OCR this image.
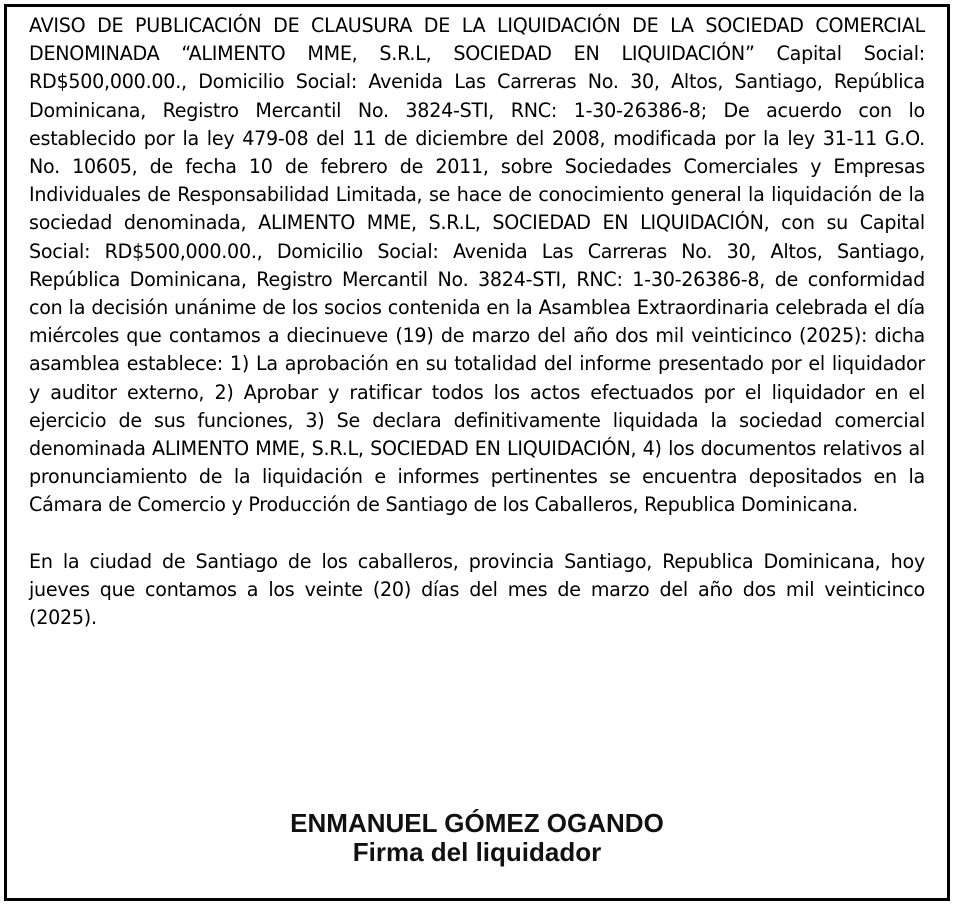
AVISO DE PUBLICACIÓN DE CLAUSURA DE LA LIQUIDACIÓN DE LA SOCIEDAD COMERCIAL DENOMINADA “ALIMENTO MME, S.R.L, SOCIEDAD EN LIQUIDACIÓN” Capital Social: RD$500,000.00., Domicilio Social: Avenida Las Carreras No. 30, Altos, Santiago, República Dominicana, Registro Mercantil No. 3824-STI, RNC: 1-30-26386-8; De acuerdo con lo establecido por la ley 479-08 del 11 de diciembre del 2008, modificada por la ley 31-11 G.O. No. 10605, de fecha 10 de febrero de 2011, sobre Sociedades Comerciales y Empresas Individuales de Responsabilidad Limitada, se hace de conocimiento general la liquidación de la sociedad denominada, ALIMENTO MME, S.R.L, SOCIEDAD EN LIQUIDACIÓN, con su Capital Social: RD$500,000.00., Domicilio Social: Avenida Las Carreras No. 30, Altos, Santiago, República Dominicana, Registro Mercantil No. 3824-STI, RNC: 1-30-26386-8, de conformidad con la decisión unánime de los socios contenida en la Asamblea Extraordinaria celebrada el día miércoles que contamos a diecinueve (19) de marzo del año dos mil veinticinco (2025): dicha asamblea establece: 1) La aprobación en su totalidad del informe presentado por el liquidador y auditor externo, 2) Aprobar y ratificar todos los actos efectuados por el liquidador en el ejercicio de sus funciones, 3) Se declara definitivamente liquidada la sociedad comercial denominada ALIMENTO MME, S.R.L, SOCIEDAD EN LIQUIDACIÓN, 4) los documentos relativos al pronunciamiento de la liquidación e informes pertinentes se encuentra depositados en la Cámara de Comercio y Producción de Santiago de los Caballeros, Republica Dominicana.

En la ciudad de Santiago de los caballeros, provincia Santiago, Republica Dominicana, hoy jueves que contamos a los veinte (20) días del mes de marzo del año dos mil veinticinco (2025).

ENMANUEL GÓMEZ OGANDO
Firma del liquidador
